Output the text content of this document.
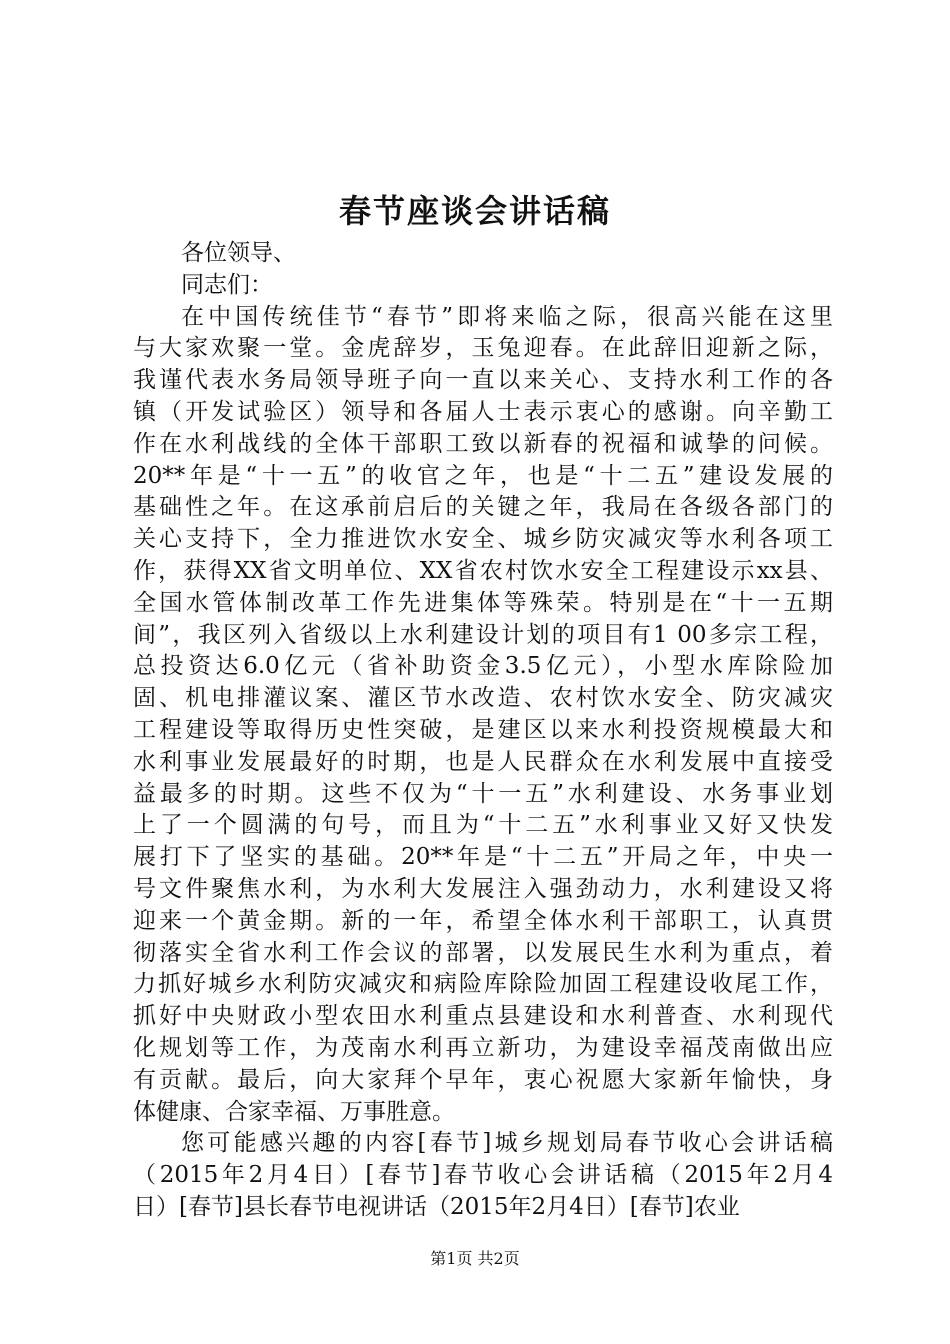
春节座谈会讲话稿
各位领导、
同志们：
在中国传统佳节“春节”即将来临之际，很高兴能在这里
与大家欢聚一堂。金虎辞岁，玉兔迎春。在此辞旧迎新之际，
我谨代表水务局领导班子向一直以来关心、支持水利工作的各
镇（开发试验区）领导和各届人士表示衷心的感谢。向辛勤工
作在水利战线的全体干部职工致以新春的祝福和诚挚的问候。
20**年是“十一五”的收官之年，也是“十二五”建设发展的
基础性之年。在这承前启后的关键之年，我局在各级各部门的
关心支持下，全力推进饮水安全、城乡防灾减灾等水利各项工
作，获得XX省文明单位、XX省农村饮水安全工程建设示xx县、
全国水管体制改革工作先进集体等殊荣。特别是在“十一五期
间”，我区列入省级以上水利建设计划的项目有1 00多宗工程，
总投资达6.0亿元（省补助资金3.5亿元），小型水库除险加
固、机电排灌议案、灌区节水改造、农村饮水安全、防灾减灾
工程建设等取得历史性突破，是建区以来水利投资规模最大和
水利事业发展最好的时期，也是人民群众在水利发展中直接受
益最多的时期。这些不仅为“十一五”水利建设、水务事业划
上了一个圆满的句号，而且为“十二五”水利事业又好又快发
展打下了坚实的基础。20**年是“十二五”开局之年，中央一
号文件聚焦水利，为水利大发展注入强劲动力，水利建设又将
迎来一个黄金期。新的一年，希望全体水利干部职工，认真贯
彻落实全省水利工作会议的部署，以发展民生水利为重点，着
力抓好城乡水利防灾减灾和病险库除险加固工程建设收尾工作，
抓好中央财政小型农田水利重点县建设和水利普查、水利现代
化规划等工作，为茂南水利再立新功，为建设幸福茂南做出应
有贡献。最后，向大家拜个早年，衷心祝愿大家新年愉快，身
体健康、合家幸福、万事胜意。
您可能感兴趣的内容[春节]城乡规划局春节收心会讲话稿
（2015年2月4日）[春节]春节收心会讲话稿（2015年2月4
日）[春节]县长春节电视讲话（2015年2月4日）[春节]农业
第1页 共2页
